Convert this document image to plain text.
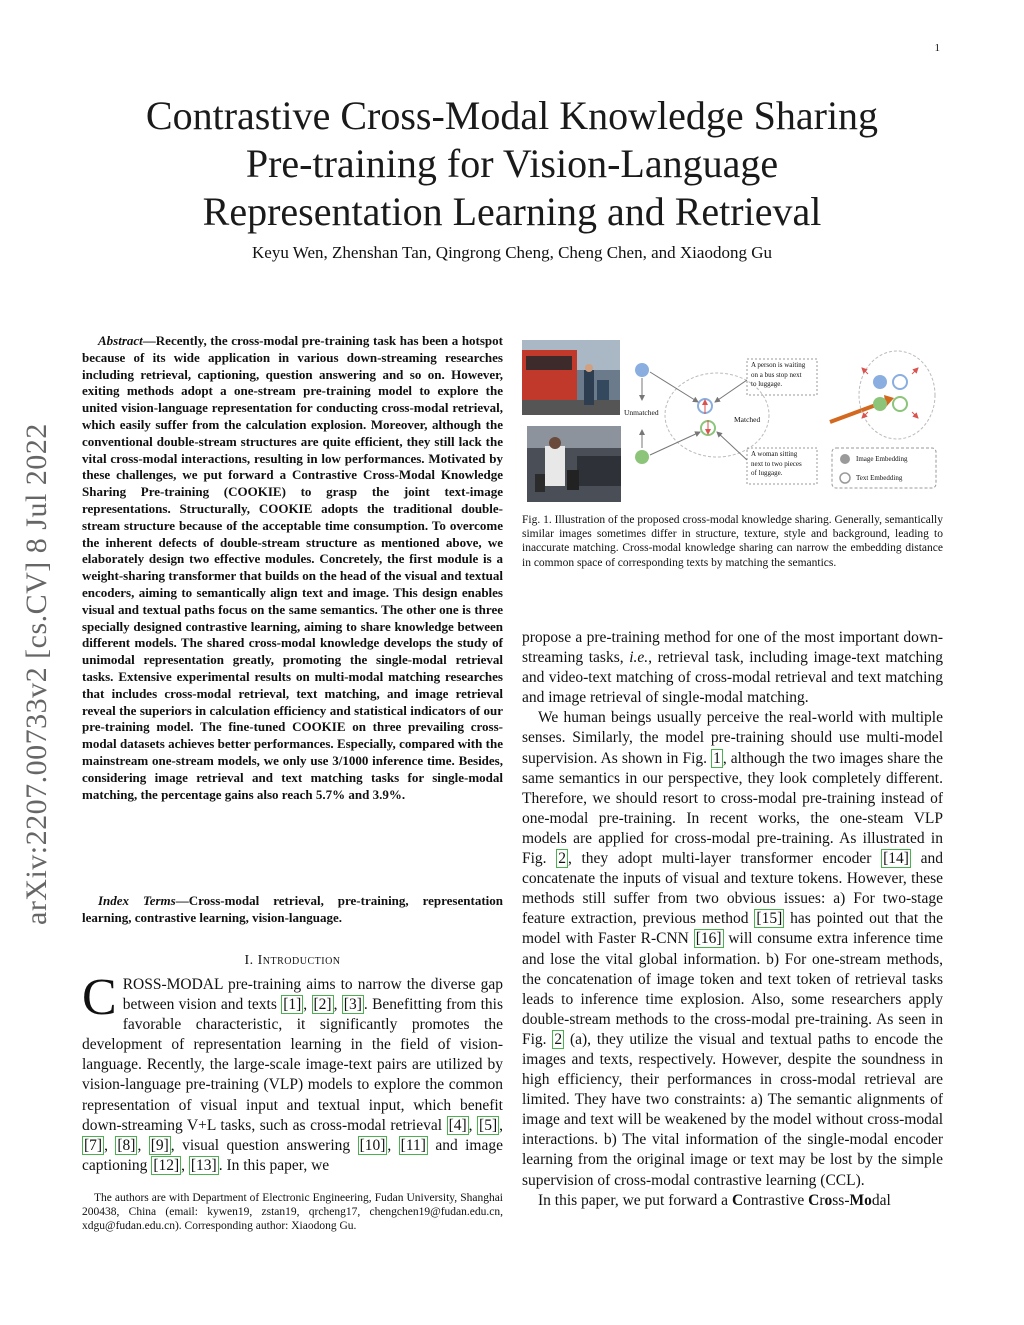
1
Contrastive Cross-Modal Knowledge Sharing
Pre-training for Vision-Language
Representation Learning and Retrieval
Keyu Wen, Zhenshan Tan, Qingrong Cheng, Cheng Chen, and Xiaodong Gu
arXiv:2207.00733v2 [cs.CV] 8 Jul 2022
Abstract—Recently, the cross-modal pre-training task has been a hotspot because of its wide application in various down-streaming researches including retrieval, captioning, question answering and so on. However, exiting methods adopt a one-stream pre-training model to explore the united vision-language representation for conducting cross-modal retrieval, which easily suffer from the calculation explosion. Moreover, although the conventional double-stream structures are quite efficient, they still lack the vital cross-modal interactions, resulting in low performances. Motivated by these challenges, we put forward a Contrastive Cross-Modal Knowledge Sharing Pre-training (COOKIE) to grasp the joint text-image representations. Structurally, COOKIE adopts the traditional double-stream structure because of the acceptable time consumption. To overcome the inherent defects of double-stream structure as mentioned above, we elaborately design two effective modules. Concretely, the first module is a weight-sharing transformer that builds on the head of the visual and textual encoders, aiming to semantically align text and image. This design enables visual and textual paths focus on the same semantics. The other one is three specially designed contrastive learning, aiming to share knowledge between different models. The shared cross-modal knowledge develops the study of unimodal representation greatly, promoting the single-modal retrieval tasks. Extensive experimental results on multi-modal matching researches that includes cross-modal retrieval, text matching, and image retrieval reveal the superiors in calculation efficiency and statistical indicators of our pre-training model. The fine-tuned COOKIE on three prevailing cross-modal datasets achieves better performances. Especially, compared with the mainstream one-stream models, we only use 3/1000 inference time. Besides, considering image retrieval and text matching tasks for single-modal matching, the percentage gains also reach 5.7% and 3.9%.
Index Terms—Cross-modal retrieval, pre-training, representation learning, contrastive learning, vision-language.
I. Introduction
CROSS-MODAL pre-training aims to narrow the diverse gap between vision and texts [1] , [2] , [3] . Benefitting from this favorable characteristic, it significantly promotes the development of representation learning in the field of vision-language. Recently, the large-scale image-text pairs are utilized by vision-language pre-training (VLP) models to explore the common representation of visual input and textual input, which benefit down-streaming V+L tasks, such as cross-modal retrieval [4] , [5] , [7] , [8] , [9] , visual question answering [10] , [11] and image captioning [12] , [13] . In this paper, we
The authors are with Department of Electronic Engineering, Fudan University, Shanghai 200438, China (email: kywen19, zstan19, qrcheng17, chengchen19@fudan.edu.cn, xdgu@fudan.edu.cn). Corresponding author: Xiaodong Gu.
Unmatched
Matched
A person is waiting
on a bus stop next
to luggage.
A woman sitting
next to two pieces
of luggage.
Image Embedding
Text Embedding
Fig. 1. Illustration of the proposed cross-modal knowledge sharing. Generally, semantically similar images sometimes differ in structure, texture, style and background, leading to inaccurate matching. Cross-modal knowledge sharing can narrow the embedding distance in common space of corresponding texts by matching the semantics.

propose a pre-training method for one of the most important down-streaming tasks, i.e., retrieval task, including image-text matching and video-text matching of cross-modal retrieval and text matching and image retrieval of single-modal matching.

We human beings usually perceive the real-world with multiple senses. Similarly, the model pre-training should use multi-model supervision. As shown in Fig. 1 , although the two images share the same semantics in our perspective, they look completely different. Therefore, we should resort to cross-modal pre-training instead of one-modal pre-training. In recent works, the one-steam VLP models are applied for cross-modal pre-training. As illustrated in Fig. 2 , they adopt multi-layer transformer encoder [14] and concatenate the inputs of visual and texture tokens. However, these methods still suffer from two obvious issues: a) For two-stage feature extraction, previous method [15] has pointed out that the model with Faster R-CNN [16] will consume extra inference time and lose the vital global information. b) For one-stream methods, the concatenation of image token and text token of retrieval tasks leads to inference time explosion. Also, some researchers apply double-stream methods to the cross-modal pre-training. As seen in Fig. 2 (a), they utilize the visual and textual paths to encode the images and texts, respectively. However, despite the soundness in high efficiency, their performances in cross-modal retrieval are limited. They have two constraints: a) The semantic alignments of image and text will be weakened by the model without cross-modal interactions. b) The vital information of the single-modal encoder learning from the original image or text may be lost by the simple supervision of cross-modal contrastive learning (CCL).

In this paper, we put forward a Contrastive Cross-Modal
